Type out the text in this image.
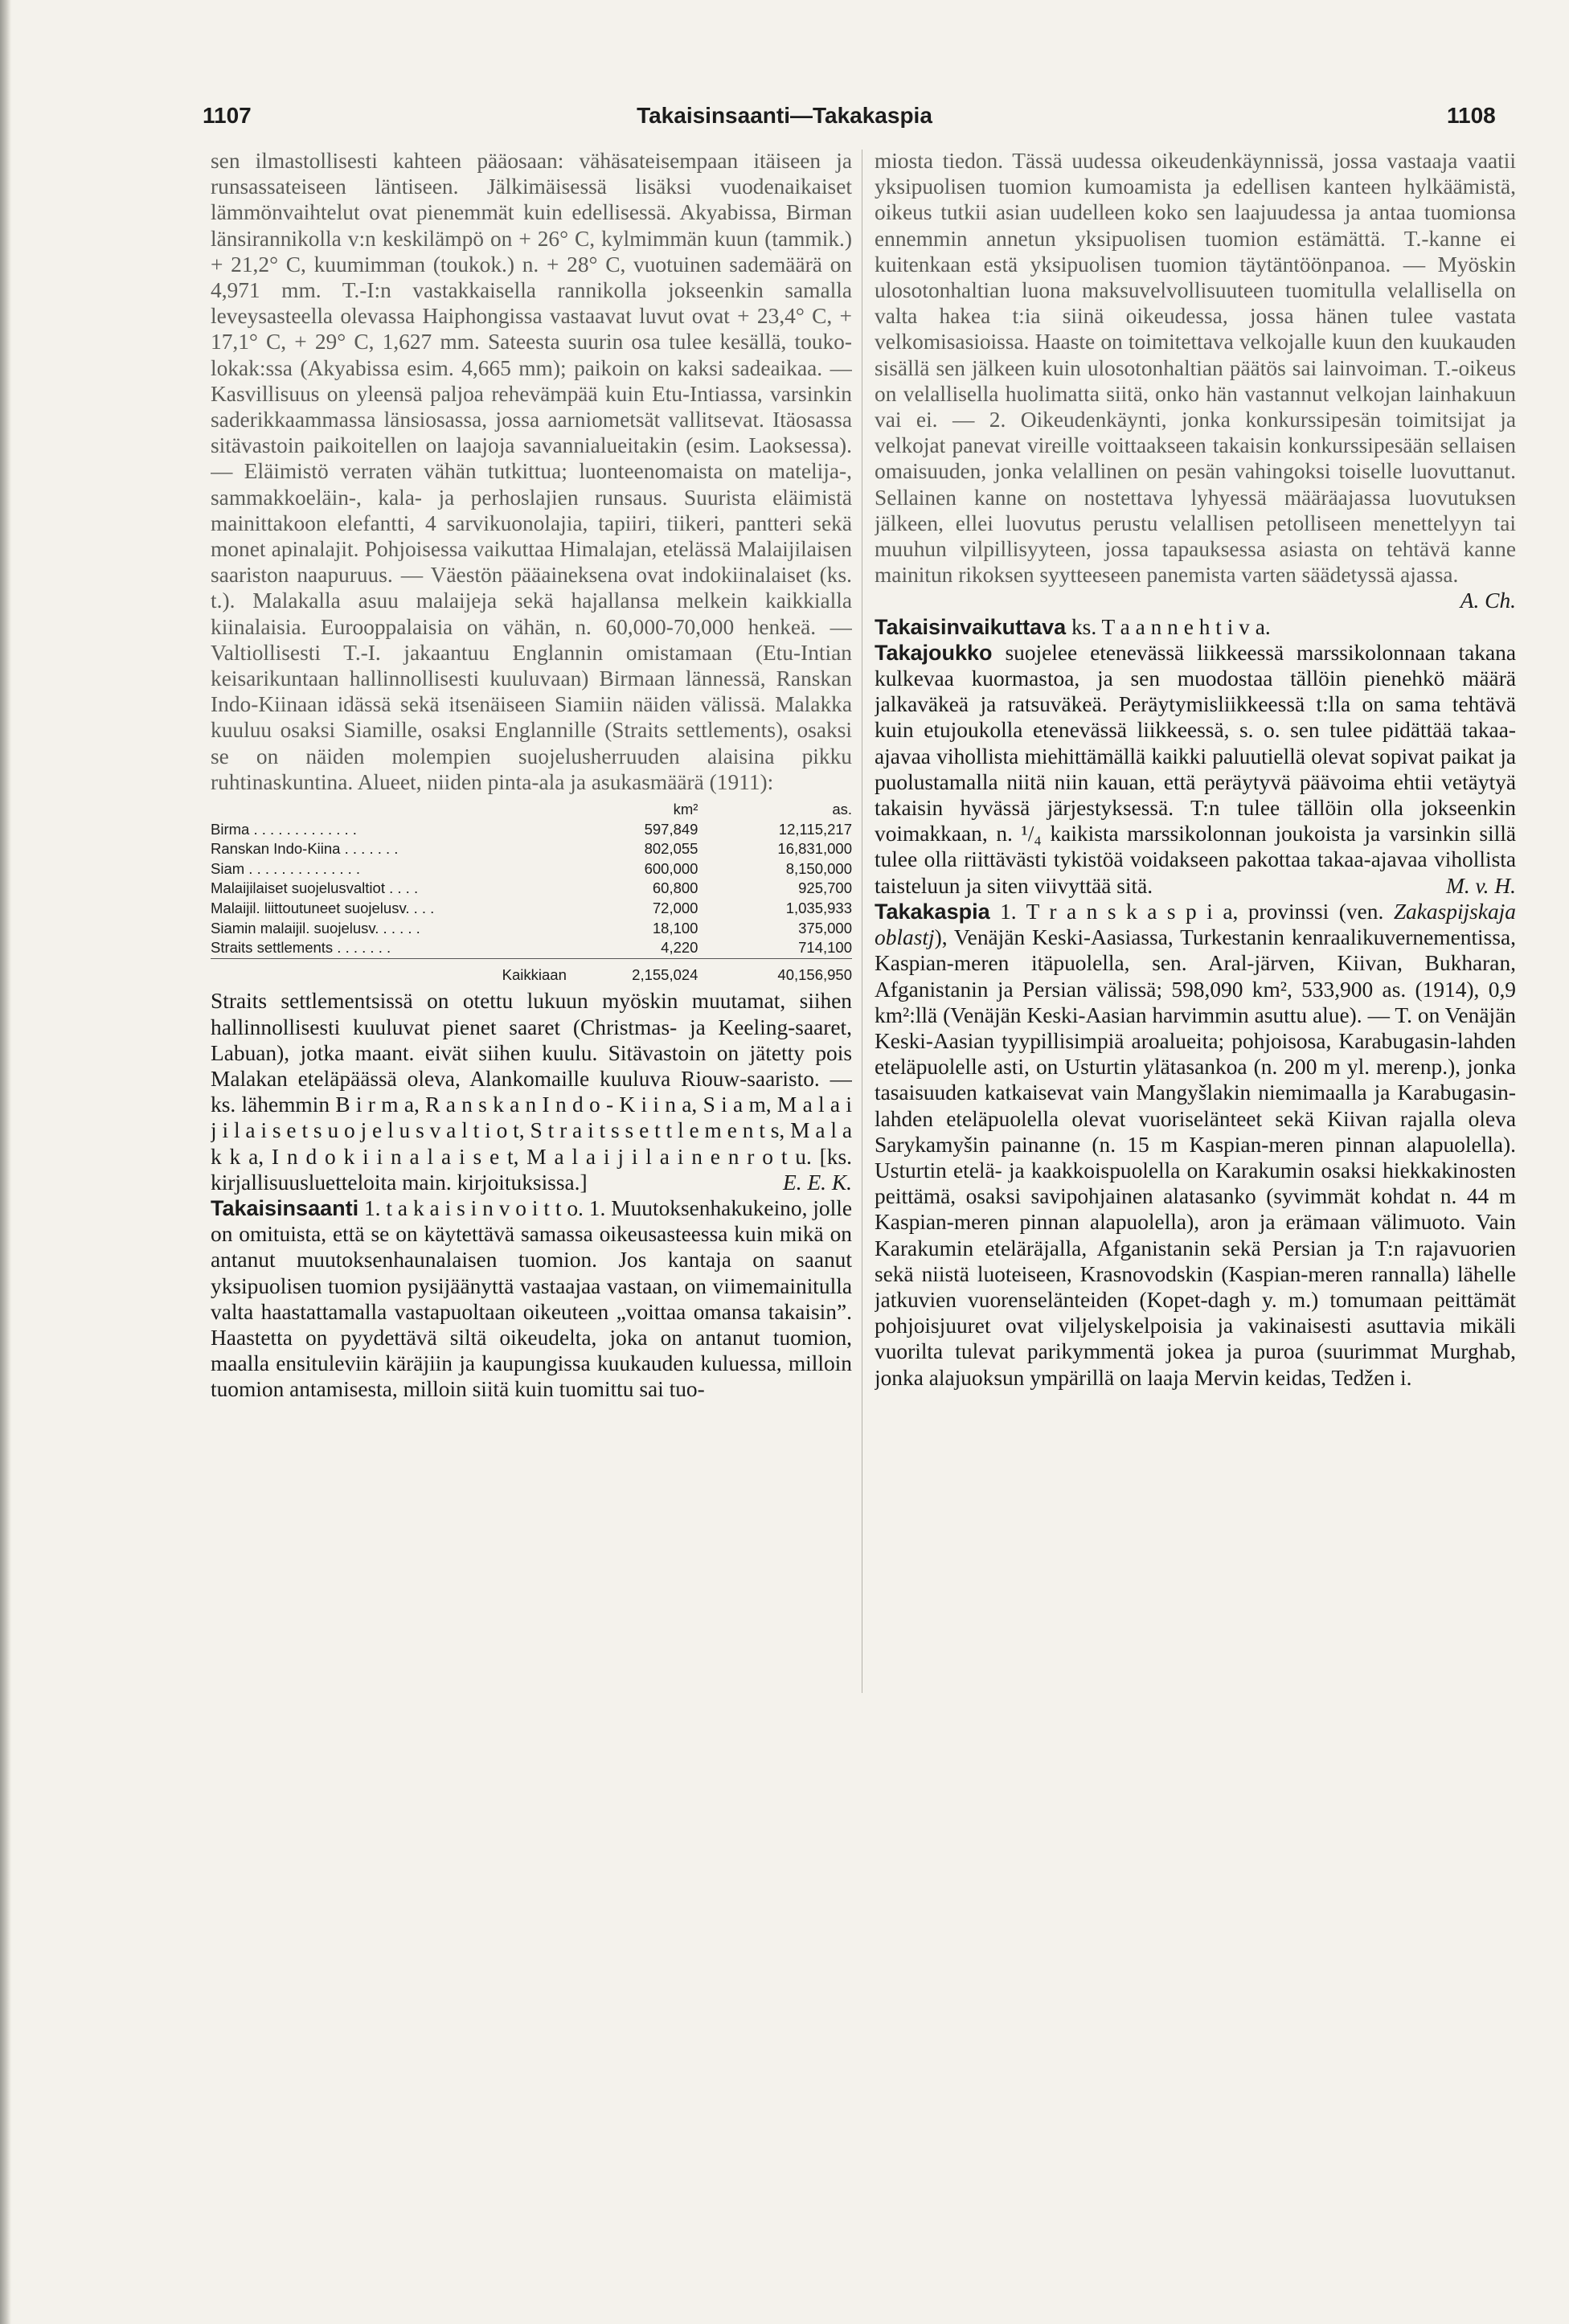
1107	Takaisinsaanti—Takakaspia	1108

sen ilmastollisesti kahteen pääosaan: vähäsateisempaan itäiseen ja runsassateiseen läntiseen. Jälkimäisessä lisäksi vuodenaikaiset lämmönvaihtelut ovat pienemmät kuin edellisessä. Akyabissa, Birman länsirannikolla v:n keskilämpö on + 26° C, kylmimmän kuun (tammik.) + 21,2° C, kuumimman (toukok.) n. + 28° C, vuotuinen sademäärä on 4,971 mm. T.-I:n vastakkaisella rannikolla jokseenkin samalla leveysasteella olevassa Haiphongissa vastaavat luvut ovat + 23,4° C, + 17,1° C, + 29° C, 1,627 mm. Sateesta suurin osa tulee kesällä, touko-lokak:ssa (Akyabissa esim. 4,665 mm); paikoin on kaksi sadeaikaa. — Kasvillisuus on yleensä paljoa rehevämpää kuin Etu-Intiassa, varsinkin saderikkaammassa länsiosassa, jossa aarniometsät vallitsevat. Itäosassa sitävastoin paikoitellen on laajoja savannialueitakin (esim. Laoksessa). — Eläimistö verraten vähän tutkittua; luonteenomaista on matelija-, sammakkoeläin-, kala- ja perhoslajien runsaus. Suurista eläimistä mainittakoon elefantti, 4 sarvikuonolajia, tapiiri, tiikeri, pantteri sekä monet apinalajit. Pohjoisessa vaikuttaa Himalajan, etelässä Malaijilaisen saariston naapuruus. — Väestön pääaineksena ovat indokiinalaiset (ks. t.). Malakalla asuu malaijeja sekä hajallansa melkein kaikkialla kiinalaisia. Eurooppalaisia on vähän, n. 60,000-70,000 henkeä. — Valtiollisesti T.-I. jakaantuu Englannin omistamaan (Etu-Intian keisarikuntaan hallinnollisesti kuuluvaan) Birmaan lännessä, Ranskan Indo-Kiinaan idässä sekä itsenäiseen Siamiin näiden välissä. Malakka kuuluu osaksi Siamille, osaksi Englannille (Straits settlements), osaksi se on näiden molempien suojelusherruuden alaisina pikku ruhtinaskuntina. Alueet, niiden pinta-ala ja asukasmäärä (1911):

	km²	as.
Birma . . . . . . . . . . . . .	597,849	12,115,217
Ranskan Indo-Kiina . . . . . . .	802,055	16,831,000
Siam . . . . . . . . . . . . . .	600,000	8,150,000
Malaijilaiset suojelusvaltiot . . . .	60,800	925,700
Malaijil. liittoutuneet suojelusv. . . .	72,000	1,035,933
Siamin malaijil. suojelusv. . . . . .	18,100	375,000
Straits settlements . . . . . . .	4,220	714,100
Kaikkiaan	2,155,024	40,156,950

Straits settlementsissä on otettu lukuun myöskin muutamat, siihen hallinnollisesti kuuluvat pienet saaret (Christmas- ja Keeling-saaret, Labuan), jotka maant. eivät siihen kuulu. Sitävastoin on jätetty pois Malakan eteläpäässä oleva, Alankomaille kuuluva Riouw-saaristo. — ks. lähemmin B i r m a, R a n s k a n I n d o - K i i n a, S i a m, M a l a i j i l a i s e t s u o j e l u s v a l t i o t, S t r a i t s s e t t l e m e n t s, M a l a k k a, I n d o k i i n a l a i s e t, M a l a i j i l a i n e n r o t u. [ks. kirjallisuusluetteloita main. kirjoituksissa.]	E. E. K.

Takaisinsaanti 1. t a k a i s i n v o i t t o. 1. Muutoksenhakukeino, jolle on omituista, että se on käytettävä samassa oikeusasteessa kuin mikä on antanut muutoksenhaunalaisen tuomion. Jos kantaja on saanut yksipuolisen tuomion pysijäänyttä vastaajaa vastaan, on viimemainitulla valta haastattamalla vastapuoltaan oikeuteen „voittaa omansa takaisin”. Haastetta on pyydettävä siltä oikeudelta, joka on antanut tuomion, maalla ensituleviin käräjiin ja kaupungissa kuukauden kuluessa, milloin tuomion antamisesta, milloin siitä kuin tuomittu sai tuo-

miosta tiedon. Tässä uudessa oikeudenkäynnissä, jossa vastaaja vaatii yksipuolisen tuomion kumoamista ja edellisen kanteen hylkäämistä, oikeus tutkii asian uudelleen koko sen laajuudessa ja antaa tuomionsa ennemmin annetun yksipuolisen tuomion estämättä. T.-kanne ei kuitenkaan estä yksipuolisen tuomion täytäntöönpanoa. — Myöskin ulosotonhaltian luona maksuvelvollisuuteen tuomitulla velallisella on valta hakea t:ia siinä oikeudessa, jossa hänen tulee vastata velkomisasioissa. Haaste on toimitettava velkojalle kuun den kuukauden sisällä sen jälkeen kuin ulosotonhaltian päätös sai lainvoiman. T.-oikeus on velallisella huolimatta siitä, onko hän vastannut velkojan lainhakuun vai ei. — 2. Oikeudenkäynti, jonka konkurssipesän toimitsijat ja velkojat panevat vireille voittaakseen takaisin konkurssipesään sellaisen omaisuuden, jonka velallinen on pesän vahingoksi toiselle luovuttanut. Sellainen kanne on nostettava lyhyessä määräajassa luovutuksen jälkeen, ellei luovutus perustu velallisen petolliseen menettelyyn tai muuhun vilpillisyyteen, jossa tapauksessa asiasta on tehtävä kanne mainitun rikoksen syytteeseen panemista varten säädetyssä ajassa.
A. Ch.

Takaisinvaikuttava ks. T a a n n e h t i v a.

Takajoukko suojelee etenevässä liikkeessä marssikolonnaan takana kulkevaa kuormastoa, ja sen muodostaa tällöin pienehkö määrä jalkaväkeä ja ratsuväkeä. Peräytymisliikkeessä t:lla on sama tehtävä kuin etujoukolla etenevässä liikkeessä, s. o. sen tulee pidättää takaa-ajavaa vihollista miehittämällä kaikki paluutiellä olevat sopivat paikat ja puolustamalla niitä niin kauan, että peräytyvä päävoima ehtii vetäytyä takaisin hyvässä järjestyksessä. T:n tulee tällöin olla jokseenkin voimakkaan, n. ¹/₄ kaikista marssikolonnan joukoista ja varsinkin sillä tulee olla riittävästi tykistöä voidakseen pakottaa takaa-ajavaa vihollista taisteluun ja siten viivyttää sitä.	M. v. H.

Takakaspia 1. T r a n s k a s p i a, provinssi (ven. Zakaspijskaja oblastj), Venäjän Keski-Aasiassa, Turkestanin kenraalikuvernementissa, Kaspian-meren itäpuolella, sen. Aral-järven, Kiivan, Bukharan, Afganistanin ja Persian välissä; 598,090 km², 533,900 as. (1914), 0,9 km²:llä (Venäjän Keski-Aasian harvimmin asuttu alue). — T. on Venäjän Keski-Aasian tyypillisimpiä aroalueita; pohjoisosa, Karabugasin-lahden eteläpuolelle asti, on Usturtin ylätasankoa (n. 200 m yl. merenp.), jonka tasaisuuden katkaisevat vain Mangyšlakin niemimaalla ja Karabugasin-lahden eteläpuolella olevat vuoriselänteet sekä Kiivan rajalla oleva Sarykamyšin painanne (n. 15 m Kaspian-meren pinnan alapuolella). Usturtin etelä- ja kaakkoispuolella on Karakumin osaksi hiekkakinosten peittämä, osaksi savipohjainen alatasanko (syvimmät kohdat n. 44 m Kaspian-meren pinnan alapuolella), aron ja erämaan välimuoto. Vain Karakumin eteläräjalla, Afganistanin sekä Persian ja T:n rajavuorien sekä niistä luoteiseen, Krasnovodskin (Kaspian-meren rannalla) lähelle jatkuvien vuorenselänteiden (Kopet-dagh y. m.) tomumaan peittämät pohjoisjuuret ovat viljelyskelpoisia ja vakinaisesti asuttavia mikäli vuorilta tulevat parikymmentä jokea ja puroa (suurimmat Murghab, jonka alajuoksun ympärillä on laaja Mervin keidas, Tedžen i.
